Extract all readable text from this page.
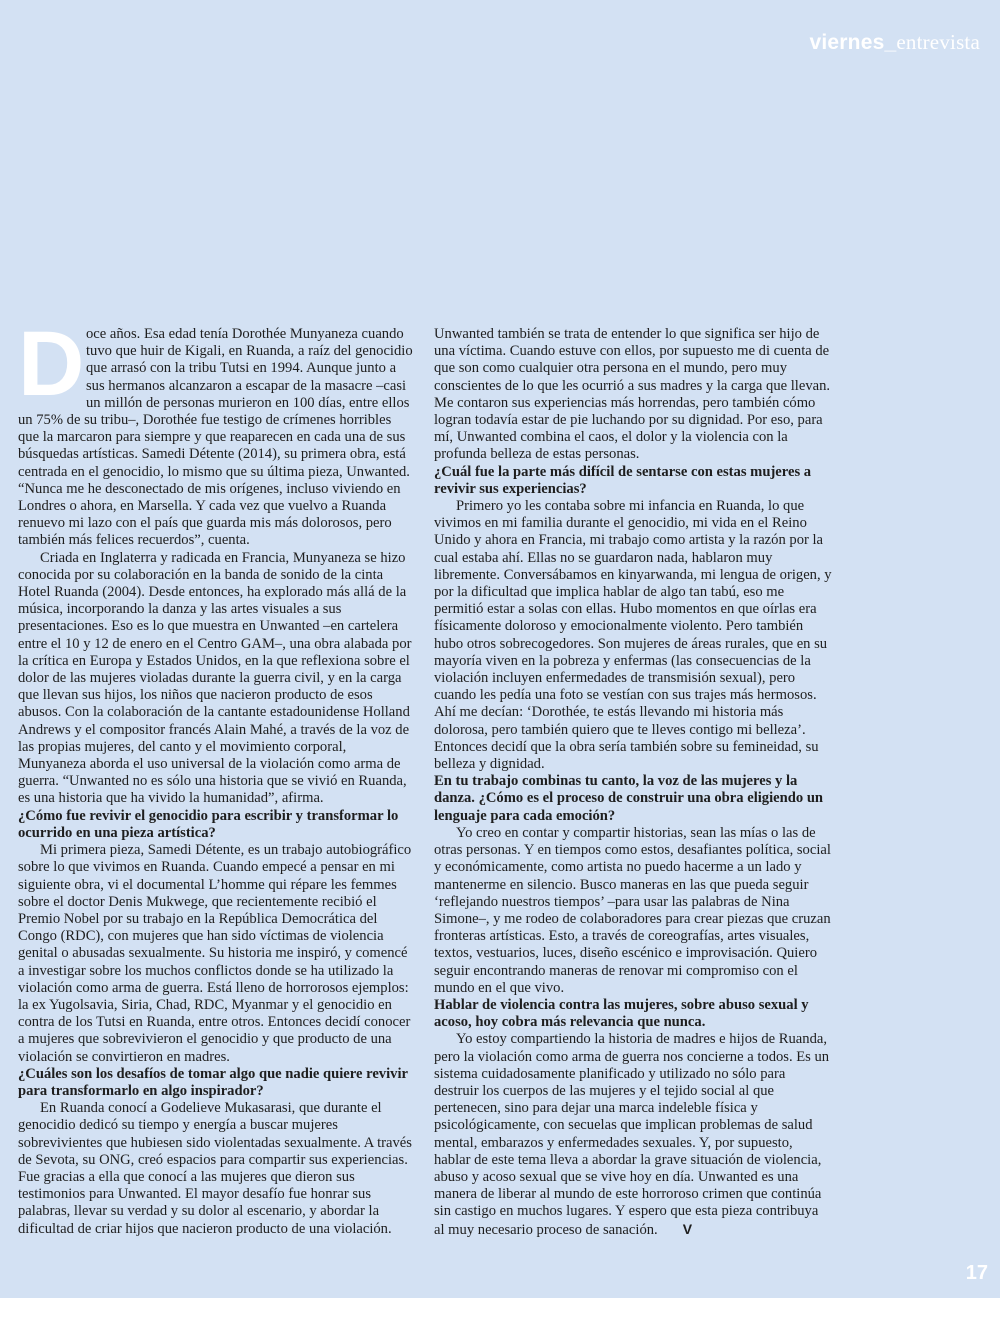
viernes_entrevista
D oce años. Esa edad tenía Dorothée Munyaneza cuando tuvo que huir de Kigali, en Ruanda, a raíz del genocidio que arrasó con la tribu Tutsi en 1994. Aunque junto a sus hermanos alcanzaron a escapar de la masacre –casi un millón de personas murieron en 100 días, entre ellos un 75% de su tribu–, Dorothée fue testigo de crímenes horribles que la marcaron para siempre y que reaparecen en cada una de sus búsquedas artísticas. Samedi Détente (2014), su primera obra, está centrada en el genocidio, lo mismo que su última pieza, Unwanted. “Nunca me he desconectado de mis orígenes, incluso viviendo en Londres o ahora, en Marsella. Y cada vez que vuelvo a Ruanda renuevo mi lazo con el país que guarda mis más dolorosos, pero también más felices recuerdos”, cuenta.

Criada en Inglaterra y radicada en Francia, Munyaneza se hizo conocida por su colaboración en la banda de sonido de la cinta Hotel Ruanda (2004). Desde entonces, ha explorado más allá de la música, incorporando la danza y las artes visuales a sus presentaciones. Eso es lo que muestra en Unwanted –en cartelera entre el 10 y 12 de enero en el Centro GAM–, una obra alabada por la crítica en Europa y Estados Unidos, en la que reflexiona sobre el dolor de las mujeres violadas durante la guerra civil, y en la carga que llevan sus hijos, los niños que nacieron producto de esos abusos. Con la colaboración de la cantante estadounidense Holland Andrews y el compositor francés Alain Mahé, a través de la voz de las propias mujeres, del canto y el movimiento corporal, Munyaneza aborda el uso universal de la violación como arma de guerra. “Unwanted no es sólo una historia que se vivió en Ruanda, es una historia que ha vivido la humanidad”, afirma.

¿Cómo fue revivir el genocidio para escribir y transformar lo ocurrido en una pieza artística?

Mi primera pieza, Samedi Détente, es un trabajo autobiográfico sobre lo que vivimos en Ruanda. Cuando empecé a pensar en mi siguiente obra, vi el documental L’homme qui répare les femmes sobre el doctor Denis Mukwege, que recientemente recibió el Premio Nobel por su trabajo en la República Democrática del Congo (RDC), con mujeres que han sido víctimas de violencia genital o abusadas sexualmente. Su historia me inspiró, y comencé a investigar sobre los muchos conflictos donde se ha utilizado la violación como arma de guerra. Está lleno de horrorosos ejemplos: la ex Yugolsavia, Siria, Chad, RDC, Myanmar y el genocidio en contra de los Tutsi en Ruanda, entre otros. Entonces decidí conocer a mujeres que sobrevivieron el genocidio y que producto de una violación se convirtieron en madres.

¿Cuáles son los desafíos de tomar algo que nadie quiere revivir para transformarlo en algo inspirador?

En Ruanda conocí a Godelieve Mukasarasi, que durante el genocidio dedicó su tiempo y energía a buscar mujeres sobrevivientes que hubiesen sido violentadas sexualmente. A través de Sevota, su ONG, creó espacios para compartir sus experiencias. Fue gracias a ella que conocí a las mujeres que dieron sus testimonios para Unwanted. El mayor desafío fue honrar sus palabras, llevar su verdad y su dolor al escenario, y abordar la dificultad de criar hijos que nacieron producto de una violación.

Unwanted también se trata de entender lo que significa ser hijo de una víctima. Cuando estuve con ellos, por supuesto me di cuenta de que son como cualquier otra persona en el mundo, pero muy conscientes de lo que les ocurrió a sus madres y la carga que llevan. Me contaron sus experiencias más horrendas, pero también cómo logran todavía estar de pie luchando por su dignidad. Por eso, para mí, Unwanted combina el caos, el dolor y la violencia con la profunda belleza de estas personas.

¿Cuál fue la parte más difícil de sentarse con estas mujeres a revivir sus experiencias?

Primero yo les contaba sobre mi infancia en Ruanda, lo que vivimos en mi familia durante el genocidio, mi vida en el Reino Unido y ahora en Francia, mi trabajo como artista y la razón por la cual estaba ahí. Ellas no se guardaron nada, hablaron muy libremente. Conversábamos en kinyarwanda, mi lengua de origen, y por la dificultad que implica hablar de algo tan tabú, eso me permitió estar a solas con ellas. Hubo momentos en que oírlas era físicamente doloroso y emocionalmente violento. Pero también hubo otros sobrecogedores. Son mujeres de áreas rurales, que en su mayoría viven en la pobreza y enfermas (las consecuencias de la violación incluyen enfermedades de transmisión sexual), pero cuando les pedía una foto se vestían con sus trajes más hermosos. Ahí me decían: ‘Dorothée, te estás llevando mi historia más dolorosa, pero también quiero que te lleves contigo mi belleza’. Entonces decidí que la obra sería también sobre su femineidad, su belleza y dignidad.

En tu trabajo combinas tu canto, la voz de las mujeres y la danza. ¿Cómo es el proceso de construir una obra eligiendo un lenguaje para cada emoción?

Yo creo en contar y compartir historias, sean las mías o las de otras personas. Y en tiempos como estos, desafiantes política, social y económicamente, como artista no puedo hacerme a un lado y mantenerme en silencio. Busco maneras en las que pueda seguir ‘reflejando nuestros tiempos’ –para usar las palabras de Nina Simone–, y me rodeo de colaboradores para crear piezas que cruzan fronteras artísticas. Esto, a través de coreografías, artes visuales, textos, vestuarios, luces, diseño escénico e improvisación. Quiero seguir encontrando maneras de renovar mi compromiso con el mundo en el que vivo.

Hablar de violencia contra las mujeres, sobre abuso sexual y acoso, hoy cobra más relevancia que nunca.

Yo estoy compartiendo la historia de madres e hijos de Ruanda, pero la violación como arma de guerra nos concierne a todos. Es un sistema cuidadosamente planificado y utilizado no sólo para destruir los cuerpos de las mujeres y el tejido social al que pertenecen, sino para dejar una marca indeleble física y psicológicamente, con secuelas que implican problemas de salud mental, embarazos y enfermedades sexuales. Y, por supuesto, hablar de este tema lleva a abordar la grave situación de violencia, abuso y acoso sexual que se vive hoy en día. Unwanted es una manera de liberar al mundo de este horroroso crimen que continúa sin castigo en muchos lugares. Y espero que esta pieza contribuya al muy necesario proceso de sanación. V

17
